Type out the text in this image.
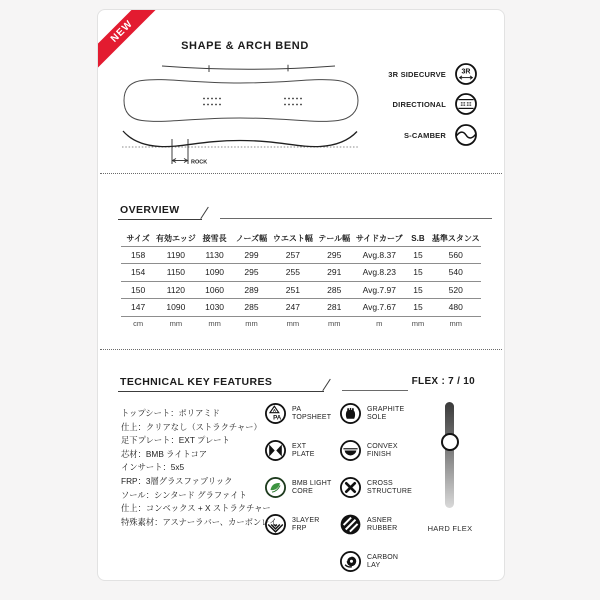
NEW
SHAPE & ARCH BEND
ROCK
3R SIDECURVE 3R
DIRECTIONAL
S-CAMBER
OVERVIEW
サイズ 有効エッジ 接雪長	ノーズ幅 ウエスト幅 テール幅 サイドカーブ	S.B 基準スタンス
158	1190	1130	299	257	295	Avg.8.37	15	560
154	1150	1090	295	255	291	Avg.8.23	15	540
150	1120	1060	289	251	285	Avg.7.97	15	520
147	1090	1030	285	247	281	Avg.7.67	15	480
cm	mm	mm	mm	mm	mm	m	mm	mm
TECHNICAL KEY FEATURES	FLEX : 7 / 10
トップシート：ポリアミド
仕上：クリアなし（ストラクチャー）
足下プレート：EXT プレート
芯材：BMB ライトコア
インサート：5x5
FRP：3層グラスファブリック
ソール：シンタード グラファイト
仕上：コンベックス + X ストラクチャー
特殊素材：アスナーラバー、カーボンレイ
A
PA
PA
TOPSHEET
EXT
PLATE
BMB LIGHT
CORE
3LAYER
FRP
GRAPHITE
SOLE
CONVEX
FINISH
CROSS
STRUCTURE
ASNER
RUBBER
CARBON
LAY
HARD FLEX
